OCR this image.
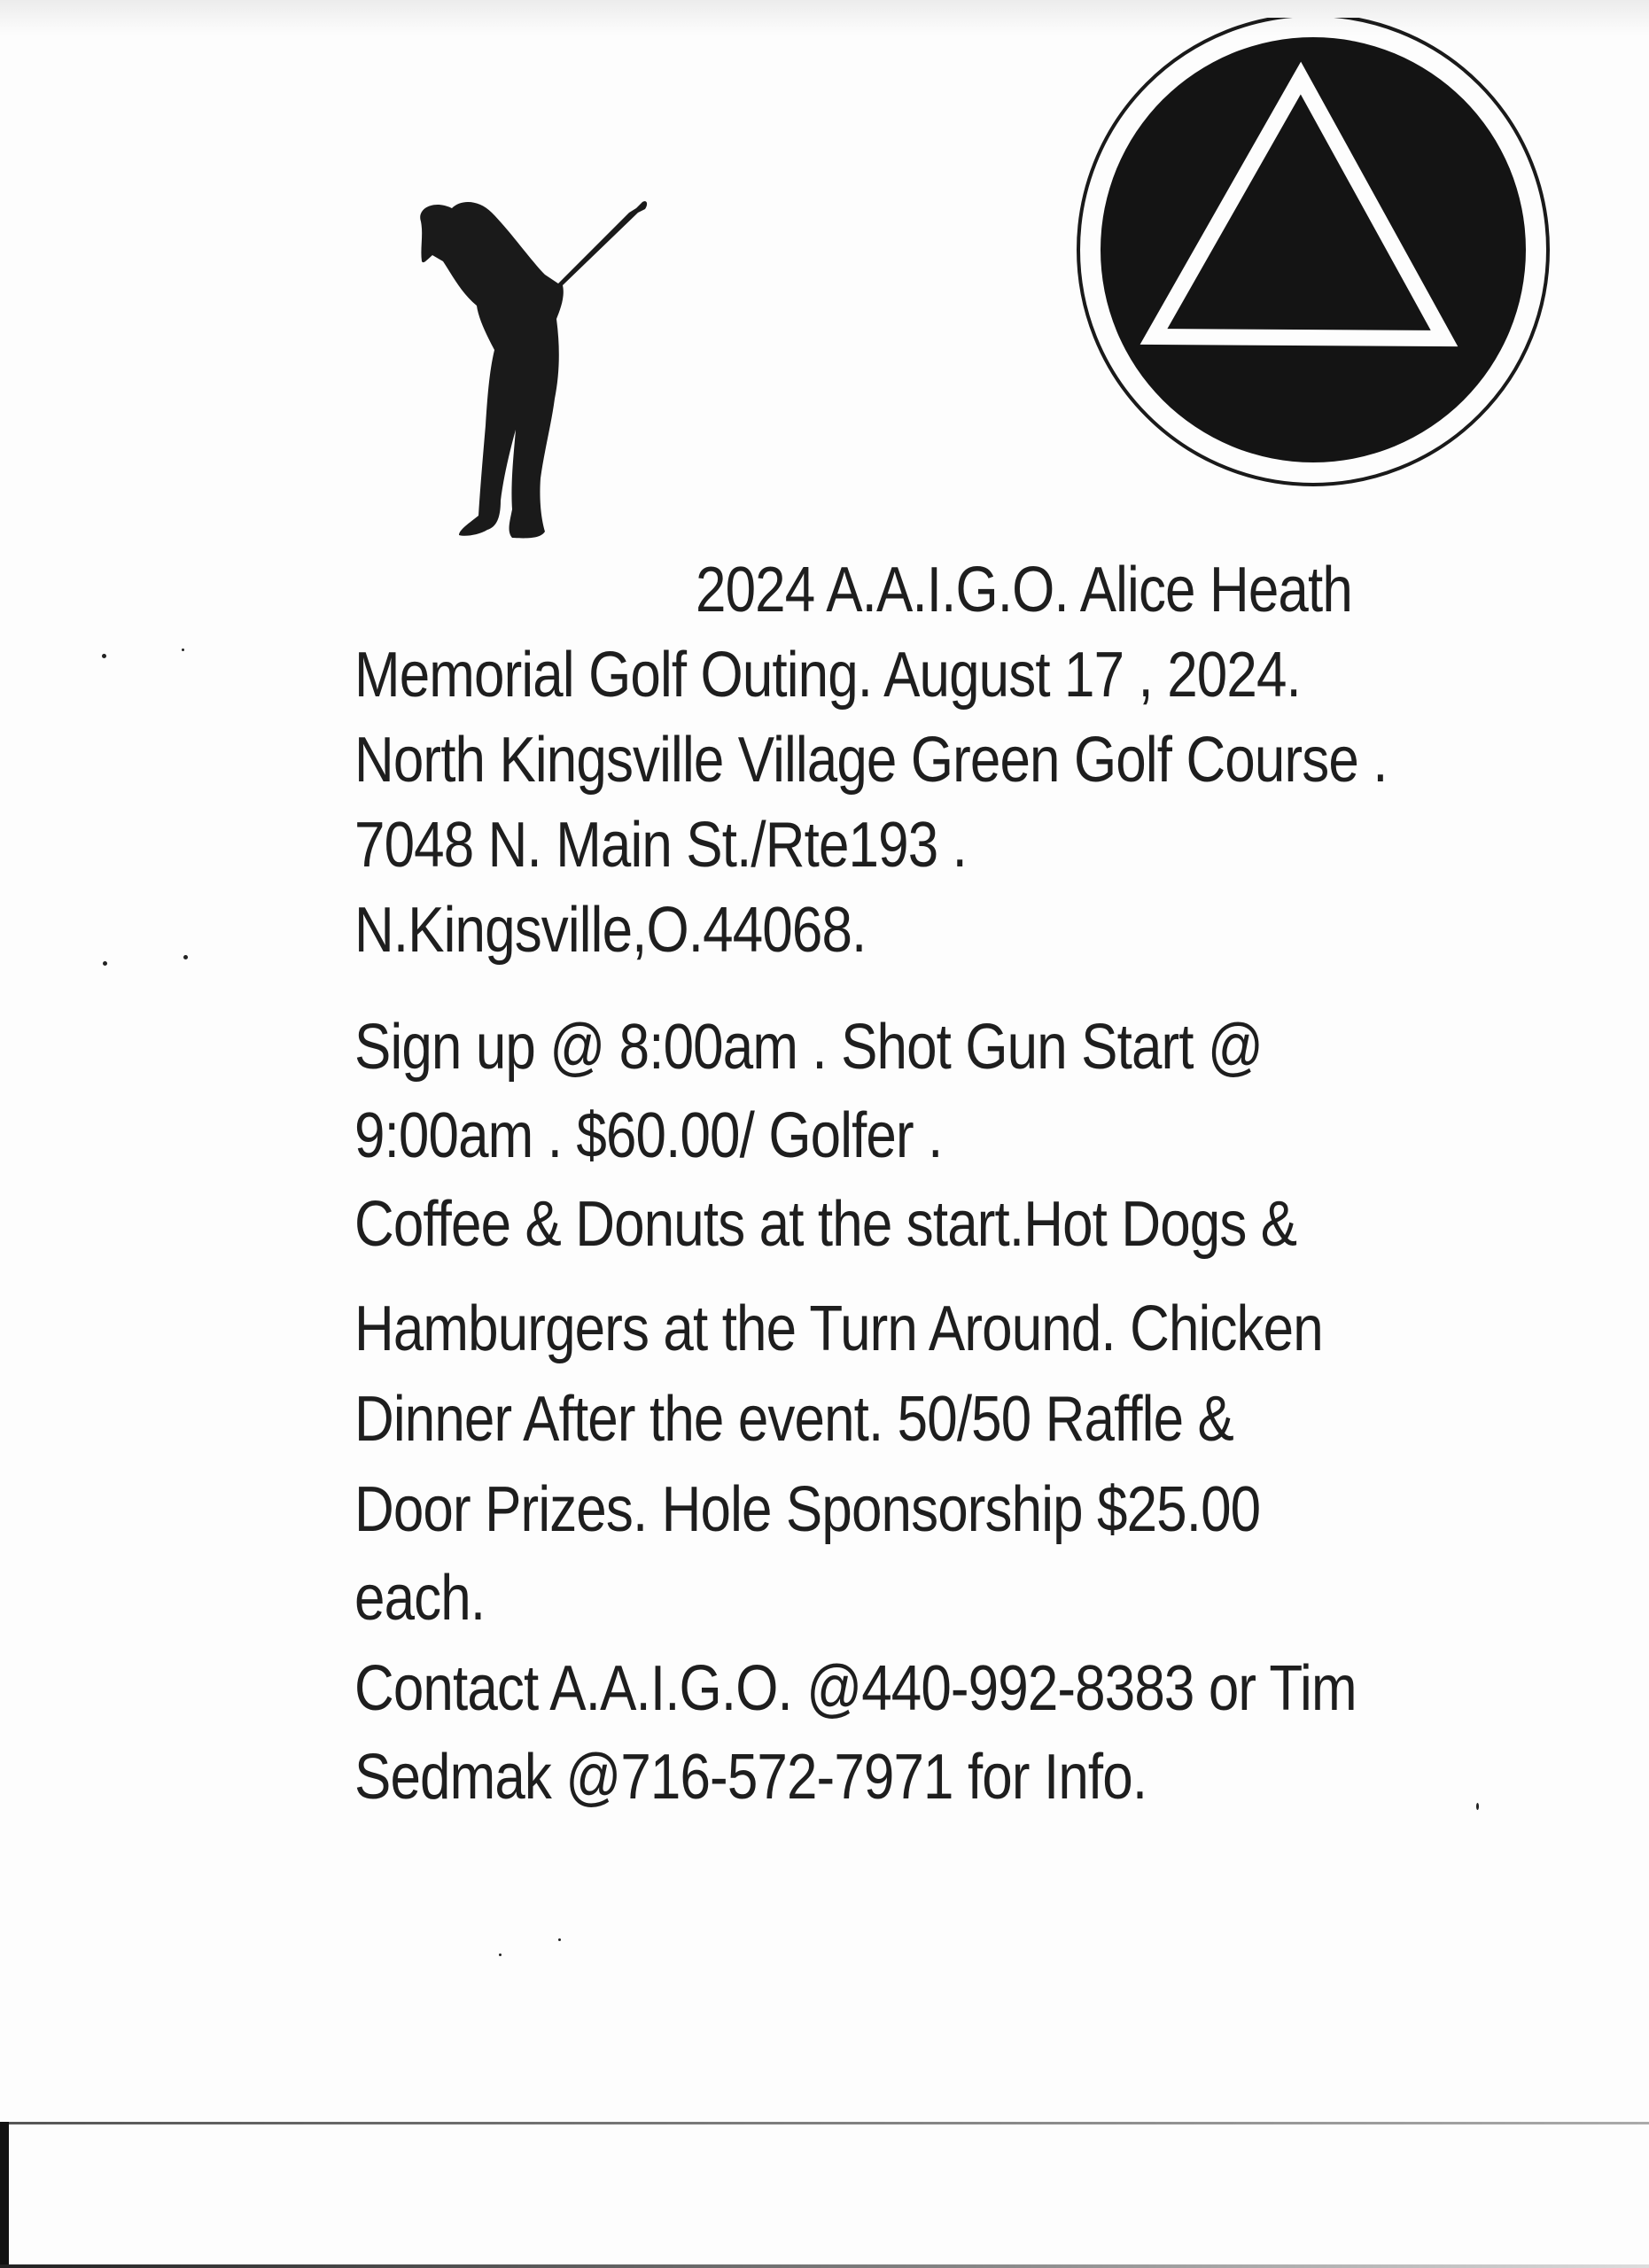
2024 A.A.I.G.O. Alice Heath
Memorial Golf Outing. August 17 , 2024.
North Kingsville Village Green Golf Course .
7048 N. Main St./Rte193 .
N.Kingsville,O.44068.
Sign up @ 8:00am . Shot Gun Start @
9:00am . $60.00/ Golfer .
Coffee & Donuts at the start.Hot Dogs &
Hamburgers at the Turn Around. Chicken
Dinner After the event. 50/50 Raffle &
Door Prizes. Hole Sponsorship $25.00
each.
Contact A.A.I.G.O. @440-992-8383 or Tim
Sedmak @716-572-7971 for Info.
